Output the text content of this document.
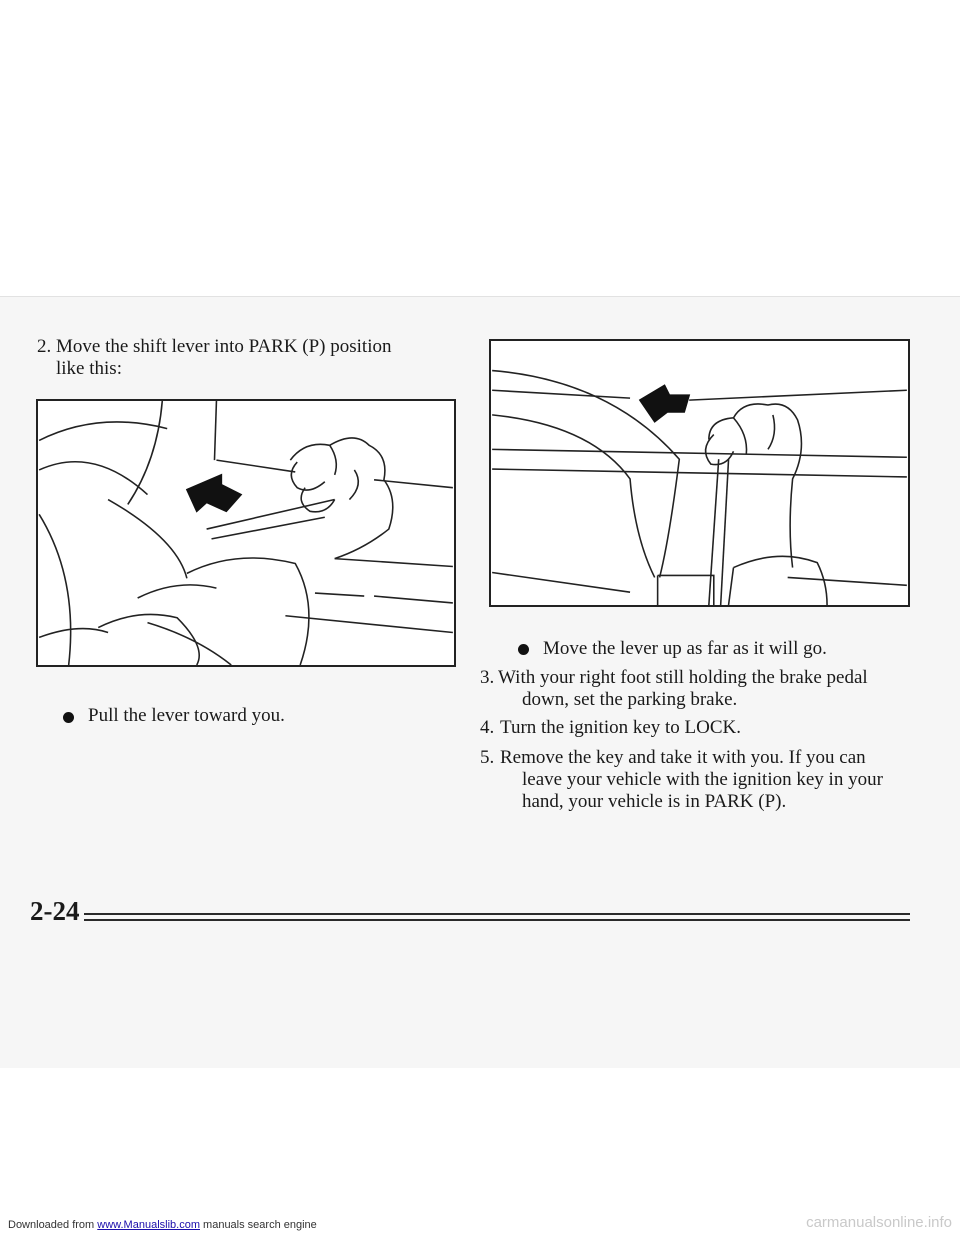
2. Move the shift lever into PARK (P) position
like this:
Pull the lever toward you.
Move the lever up as far as it will go.
3. With your right foot still holding the brake pedal
down, set the parking brake.
4. Turn the ignition key to LOCK.
5. Remove the key and take it with you. If you can
leave your vehicle with the ignition key in your
hand, your vehicle is in PARK (P).
2-24
Downloaded from www.Manualslib.com manuals search engine	carmanualsonline.info
